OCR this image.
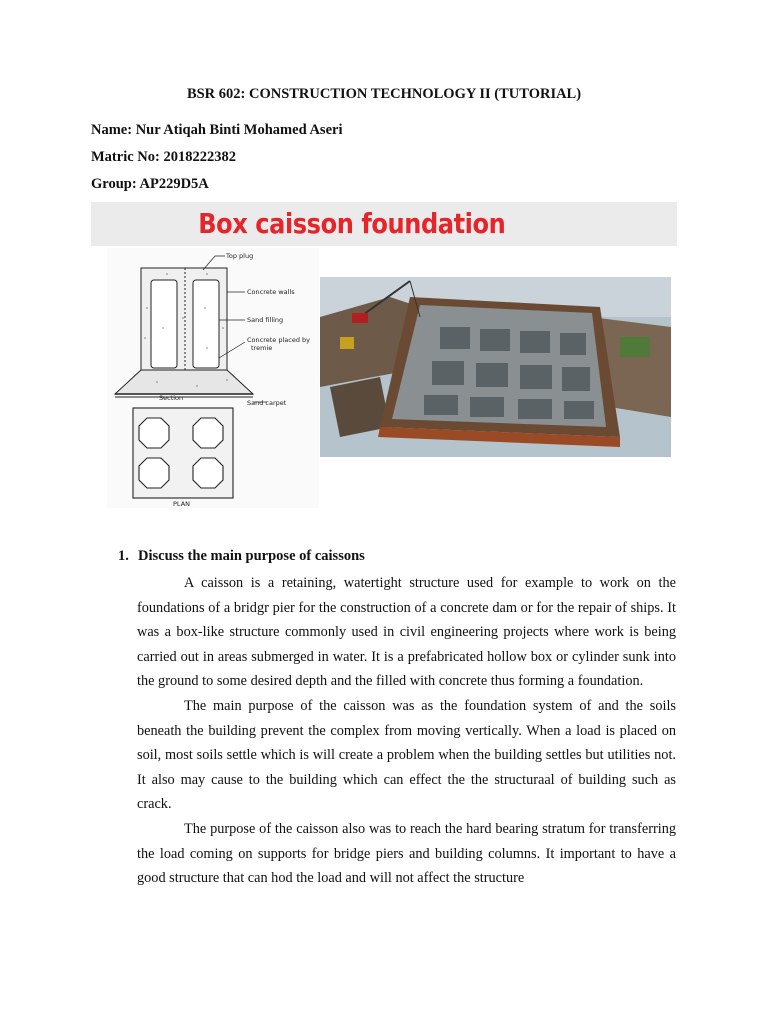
BSR 602: CONSTRUCTION TECHNOLOGY II (TUTORIAL)
Name: Nur Atiqah Binti Mohamed Aseri
Matric No: 2018222382
Group: AP229D5A
Box caisson foundation
Top plug
Concrete walls
Sand filling
Concrete placed by
tremie
Section
Sand carpet
PLAN
1. Discuss the main purpose of caissons

A caisson is a retaining, watertight structure used for example to work on the foundations of a bridgr pier for the construction of a concrete dam or for the repair of ships. It was a box-like structure commonly used in civil engineering projects where work is being carried out in areas submerged in water. It is a prefabricated hollow box or cylinder sunk into the ground to some desired depth and the filled with concrete thus forming a foundation.

The main purpose of the caisson was as the foundation system of and the soils beneath the building prevent the complex from moving vertically. When a load is placed on soil, most soils settle which is will create a problem when the building settles but utilities not. It also may cause to the building which can effect the the structuraal of building such as crack.

The purpose of the caisson also was to reach the hard bearing stratum for transferring the load coming on supports for bridge piers and building columns. It important to have a good structure that can hod the load and will not affect the structure
